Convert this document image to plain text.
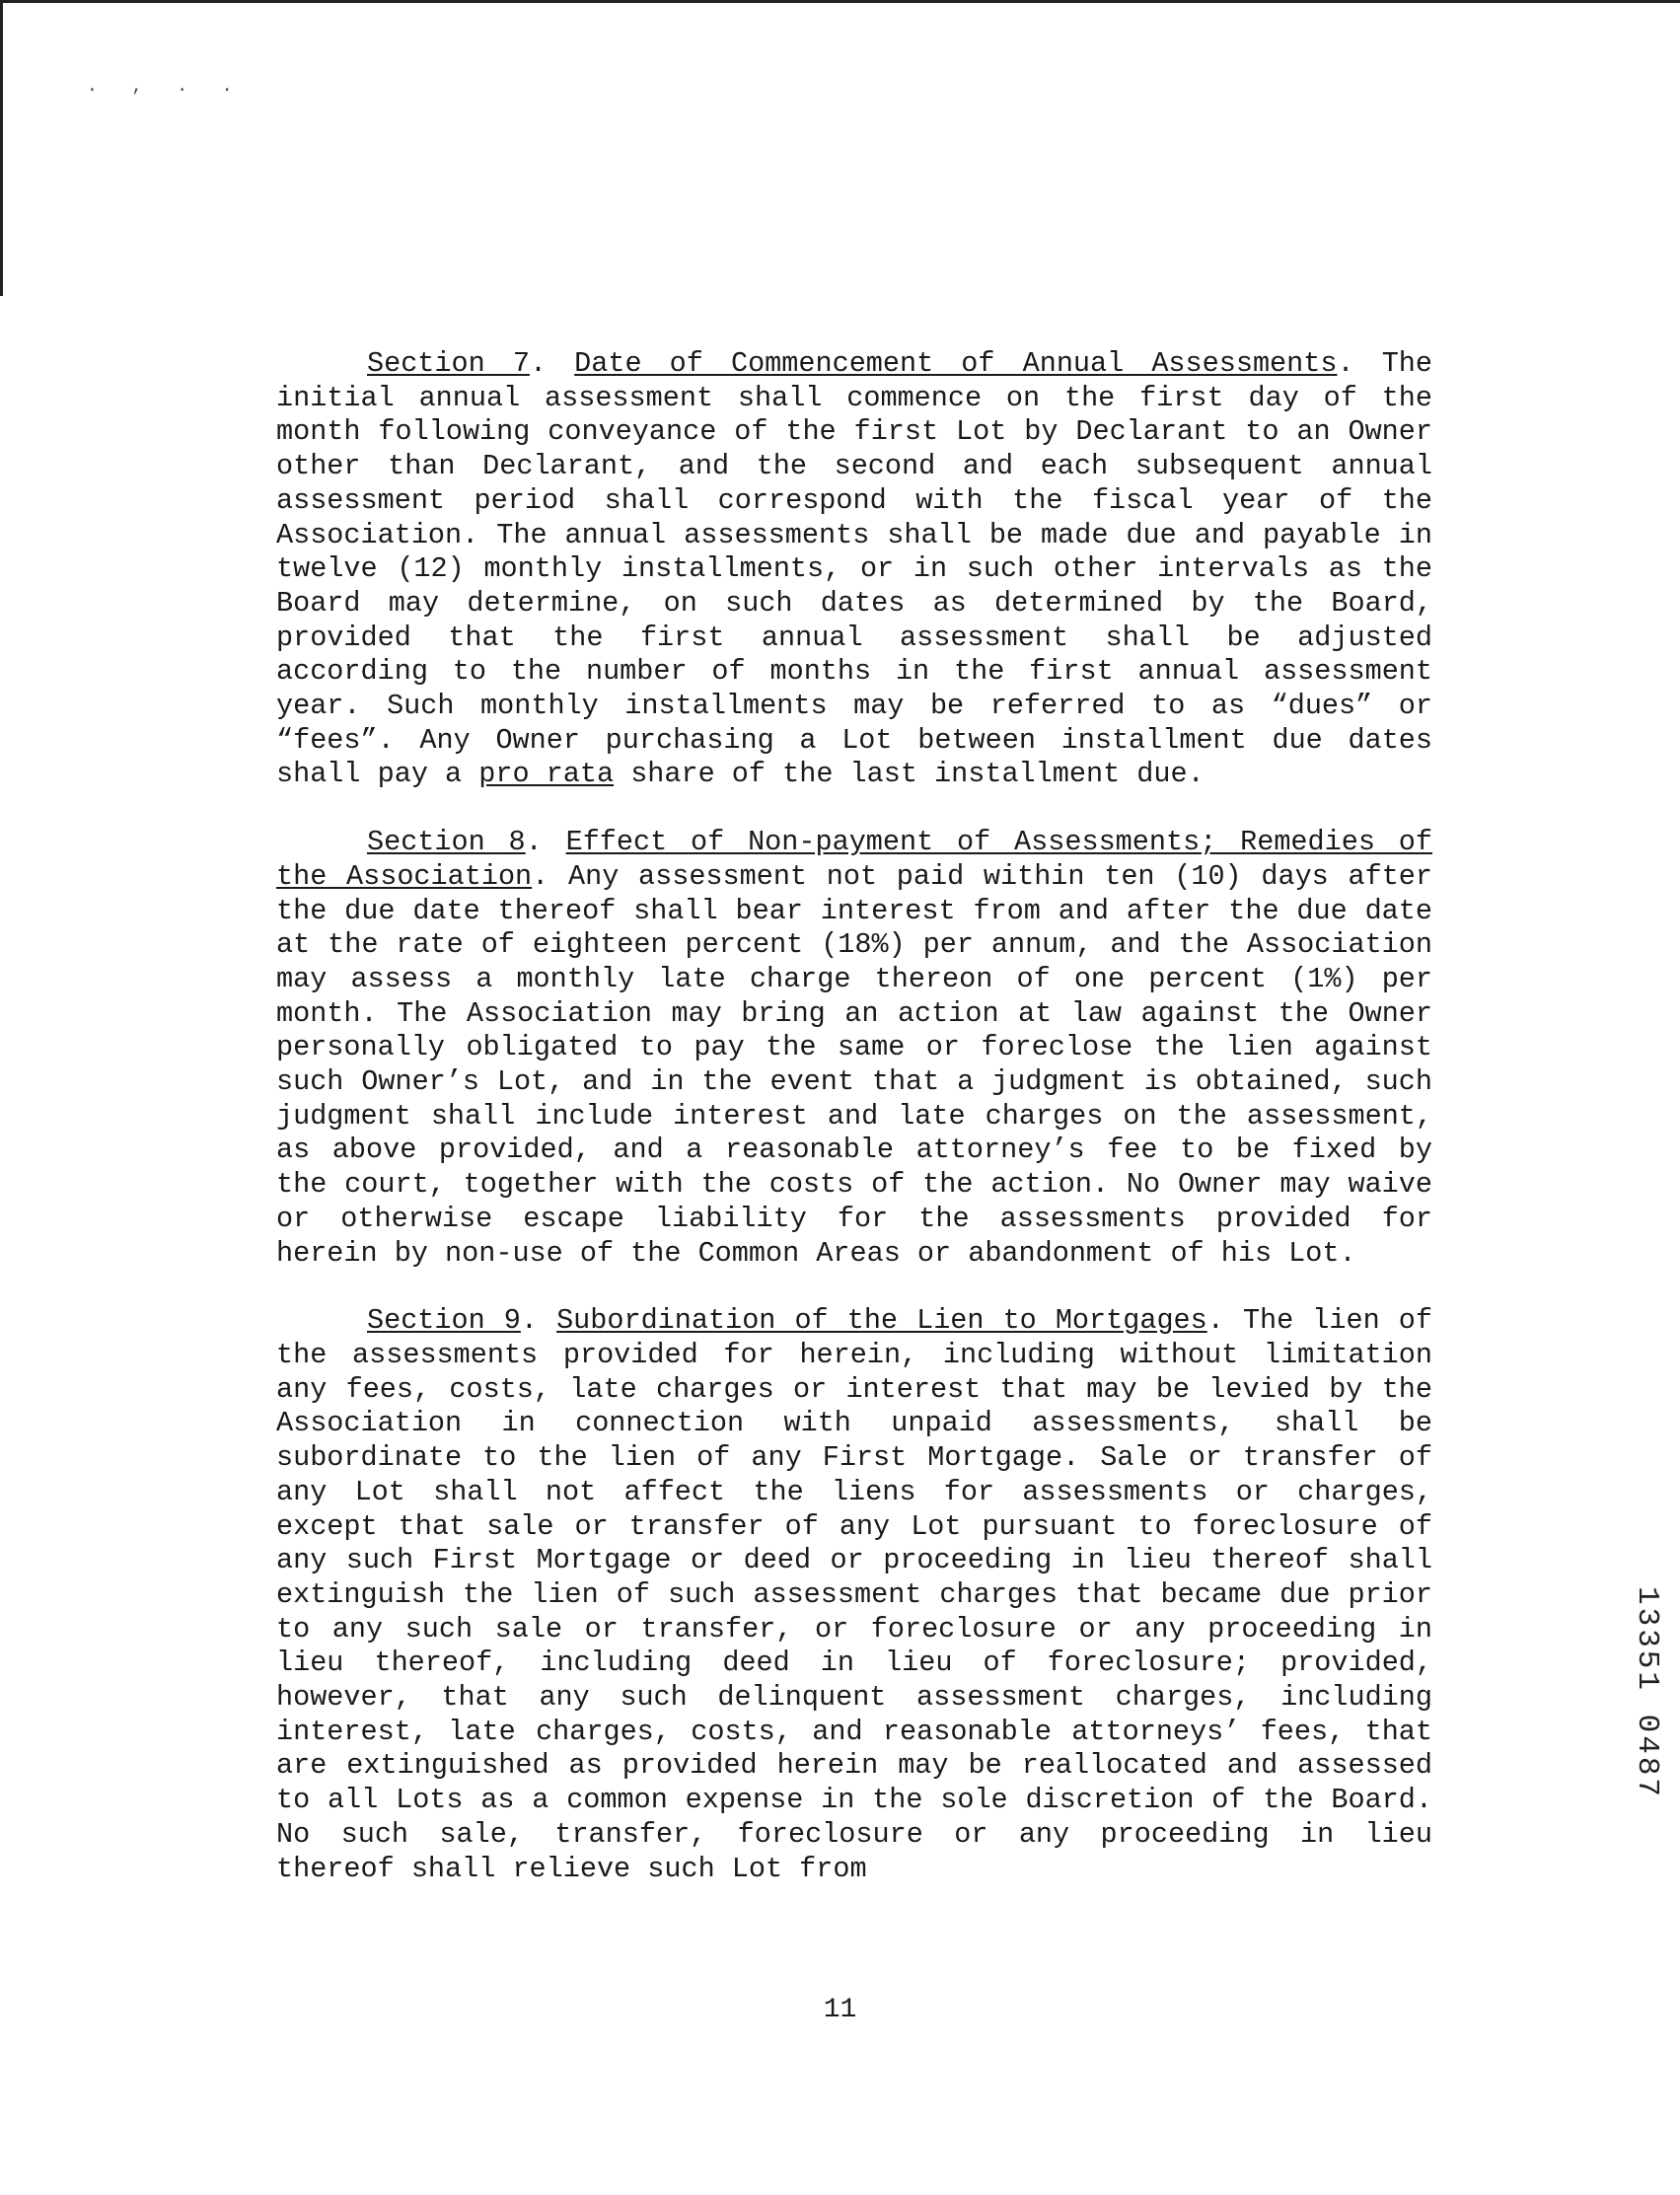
. , . .

Section 7. Date of Commencement of Annual Assessments. The initial annual assessment shall commence on the first day of the month following conveyance of the first Lot by Declarant to an Owner other than Declarant, and the second and each subsequent annual assessment period shall correspond with the fiscal year of the Association. The annual assessments shall be made due and payable in twelve (12) monthly installments, or in such other intervals as the Board may determine, on such dates as determined by the Board, provided that the first annual assessment shall be adjusted according to the number of months in the first annual assessment year. Such monthly installments may be referred to as “dues” or “fees”. Any Owner purchasing a Lot between installment due dates shall pay a pro rata share of the last installment due.

Section 8. Effect of Non-payment of Assessments; Remedies of the Association. Any assessment not paid within ten (10) days after the due date thereof shall bear interest from and after the due date at the rate of eighteen percent (18%) per annum, and the Association may assess a monthly late charge thereon of one percent (1%) per month. The Association may bring an action at law against the Owner personally obligated to pay the same or foreclose the lien against such Owner’s Lot, and in the event that a judgment is obtained, such judgment shall include interest and late charges on the assessment, as above provided, and a reasonable attorney’s fee to be fixed by the court, together with the costs of the action. No Owner may waive or otherwise escape liability for the assessments provided for herein by non-use of the Common Areas or abandonment of his Lot.

Section 9. Subordination of the Lien to Mortgages. The lien of the assessments provided for herein, including without limitation any fees, costs, late charges or interest that may be levied by the Association in connection with unpaid assessments, shall be subordinate to the lien of any First Mortgage. Sale or transfer of any Lot shall not affect the liens for assessments or charges, except that sale or transfer of any Lot pursuant to foreclosure of any such First Mortgage or deed or proceeding in lieu thereof shall extinguish the lien of such assessment charges that became due prior to any such sale or transfer, or foreclosure or any proceeding in lieu thereof, including deed in lieu of foreclosure; provided, however, that any such delinquent assessment charges, including interest, late charges, costs, and reasonable attorneys’ fees, that are extinguished as provided herein may be reallocated and assessed to all Lots as a common expense in the sole discretion of the Board. No such sale, transfer, foreclosure or any proceeding in lieu thereof shall relieve such Lot from

11
13351 0487
